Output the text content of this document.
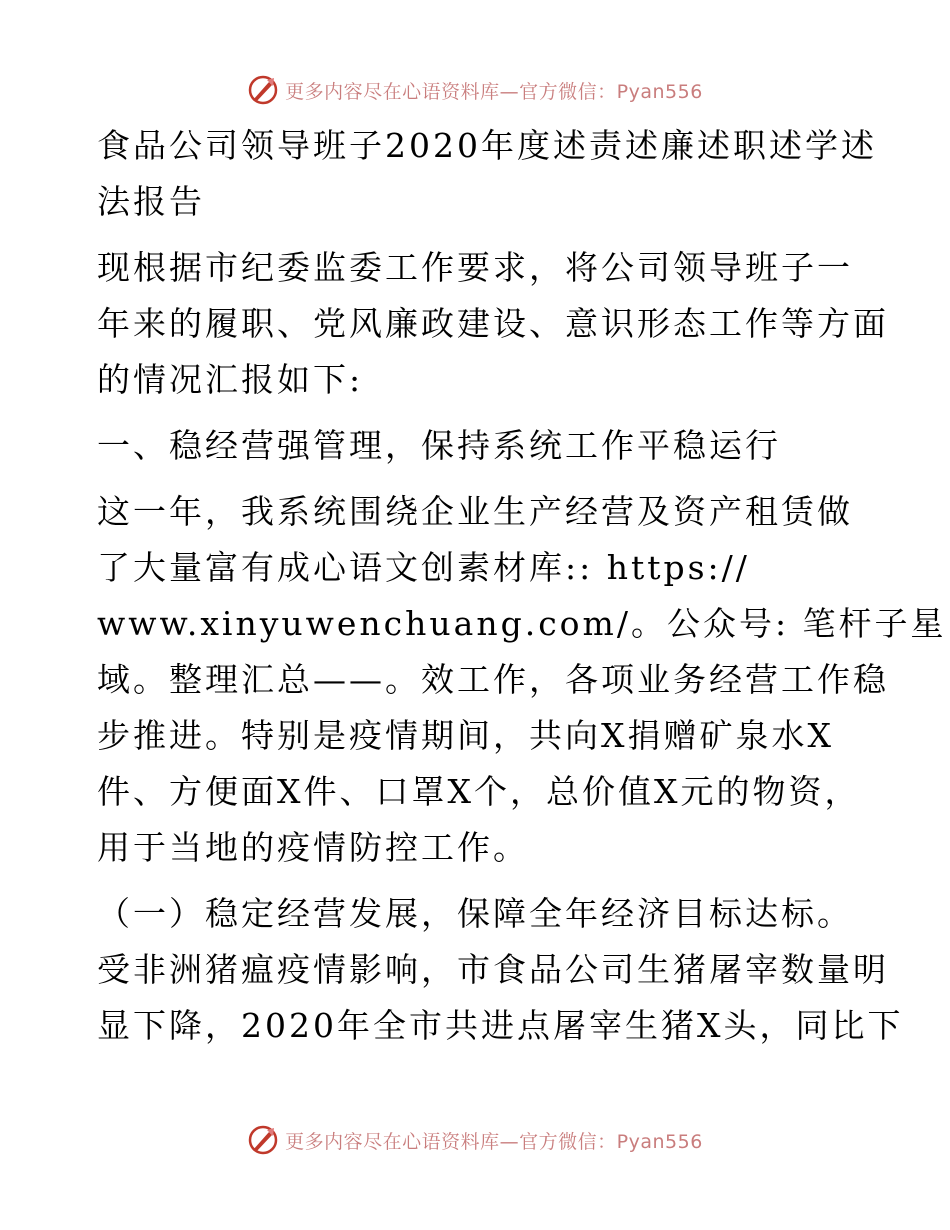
更多内容尽在心语资料库—官方微信：Pyan556
食品公司领导班子2020年度述责述廉述职述学述
法报告
现根据市纪委监委工作要求，将公司领导班子一
年来的履职、党风廉政建设、意识形态工作等方面
的情况汇报如下:
一、稳经营强管理，保持系统工作平稳运行
这一年，我系统围绕企业生产经营及资产租赁做
了大量富有成心语文创素材库:: https://
www.xinyuwenchuang.com/。公众号: 笔杆子星
域。整理汇总——。效工作，各项业务经营工作稳
步推进。特别是疫情期间，共向X捐赠矿泉水X
件、方便面X件、口罩X个，总价值X元的物资，
用于当地的疫情防控工作。
（一）稳定经营发展，保障全年经济目标达标。
受非洲猪瘟疫情影响，市食品公司生猪屠宰数量明
显下降，2020年全市共进点屠宰生猪X头，同比下
更多内容尽在心语资料库—官方微信：Pyan556
